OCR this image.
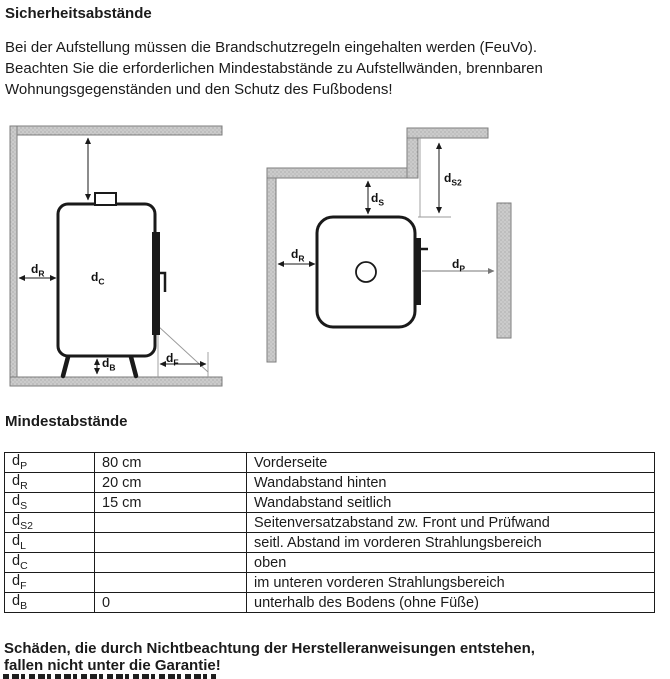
Sicherheitsabstände
Bei der Aufstellung müssen die Brandschutzregeln eingehalten werden (FeuVo).
Beachten Sie die erforderlichen Mindestabstände zu Aufstellwänden, brennbaren
Wohnungsgegenständen und den Schutz des Fußbodens!
$d_C$
$d_R$
$d_B$
$d_F$
$d_S$
$d_{S2}$
$d_R$	$d_P$
Mindestabstände
$d_P$	80 cm	Vorderseite
$d_R$	20 cm	Wandabstand hinten
$d_S$	15 cm	Wandabstand seitlich
$d_{S2}$		Seitenversatzabstand zw. Front und Prüfwand
$d_L$		seitl. Abstand im vorderen Strahlungsbereich
$d_C$		oben
$d_F$		im unteren vorderen Strahlungsbereich
$d_B$	0	unterhalb des Bodens (ohne Füße)
Schäden, die durch Nichtbeachtung der Herstelleranweisungen entstehen,
fallen nicht unter die Garantie!
